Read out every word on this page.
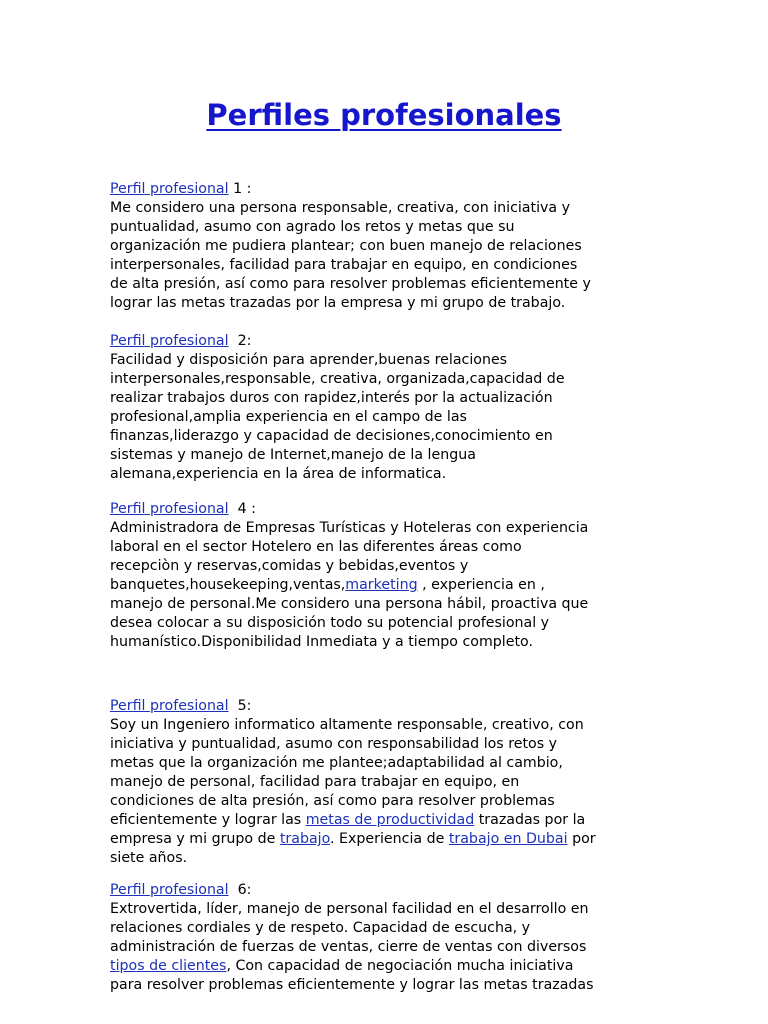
Perfiles profesionales

Perfil profesional 1 :

Me considero una persona responsable, creativa, con iniciativa y

puntualidad, asumo con agrado los retos y metas que su

organización me pudiera plantear; con buen manejo de relaciones

interpersonales, facilidad para trabajar en equipo, en condiciones

de alta presión, así como para resolver problemas eficientemente y

lograr las metas trazadas por la empresa y mi grupo de trabajo.

Perfil profesional  2:

Facilidad y disposición para aprender,buenas relaciones

interpersonales,responsable, creativa, organizada,capacidad de

realizar trabajos duros con rapidez,interés por la actualización

profesional,amplia experiencia en el campo de las

finanzas,liderazgo y capacidad de decisiones,conocimiento en

sistemas y manejo de Internet,manejo de la lengua

alemana,experiencia en la área de informatica.

Perfil profesional  4 :

Administradora de Empresas Turísticas y Hoteleras con experiencia

laboral en el sector Hotelero en las diferentes áreas como

recepciòn y reservas,comidas y bebidas,eventos y

banquetes,housekeeping,ventas,marketing , experiencia en ,

manejo de personal.Me considero una persona hábil, proactiva que

desea colocar a su disposición todo su potencial profesional y

humanístico.Disponibilidad Inmediata y a tiempo completo.

Perfil profesional  5:

Soy un Ingeniero informatico altamente responsable, creativo, con

iniciativa y puntualidad, asumo con responsabilidad los retos y

metas que la organización me plantee;adaptabilidad al cambio,

manejo de personal, facilidad para trabajar en equipo, en

condiciones de alta presión, así como para resolver problemas

eficientemente y lograr las metas de productividad trazadas por la

empresa y mi grupo de trabajo. Experiencia de trabajo en Dubai por

siete años.

Perfil profesional  6:

Extrovertida, líder, manejo de personal facilidad en el desarrollo en

relaciones cordiales y de respeto. Capacidad de escucha, y

administración de fuerzas de ventas, cierre de ventas con diversos

tipos de clientes, Con capacidad de negociación mucha iniciativa

para resolver problemas eficientemente y lograr las metas trazadas
